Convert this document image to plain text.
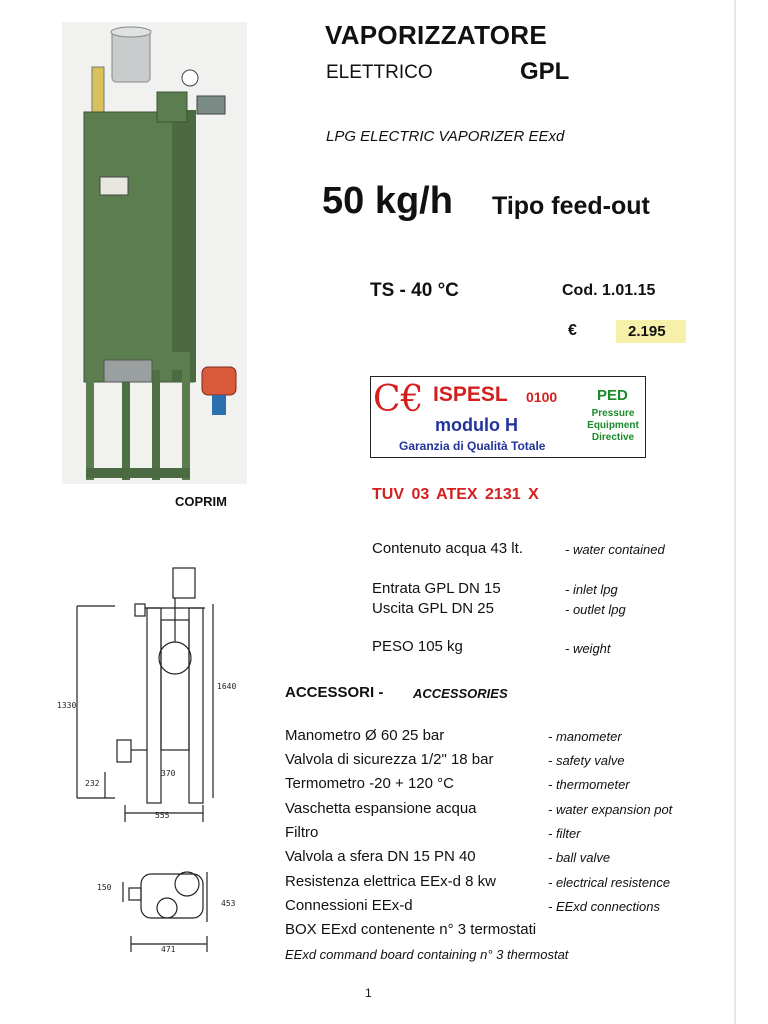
COPRIM
VAPORIZZATORE
ELETTRICO	GPL
LPG ELECTRIC VAPORIZER EExd
50 kg/h Tipo feed-out
TS - 40 °C	Cod. 1.01.15
€	2.195
C€ ISPESL 0100	PED
modulo H
Pressure Equipment Directive
Garanzia di Qualità Totale
TUV 03 ATEX 2131 X
Contenuto acqua 43 lt.	- water contained
Entrata GPL DN 15	- inlet lpg
Uscita GPL DN 25	- outlet lpg
PESO 105 kg	- weight
ACCESSORI - ACCESSORIES
Manometro Ø 60 25 bar	- manometer
Valvola di sicurezza 1/2" 18 bar	- safety valve
Termometro -20 + 120 °C	- thermometer
Vaschetta espansione acqua	- water expansion pot
Filtro	- filter
Valvola a sfera DN 15 PN 40	- ball valve
Resistenza elettrica EEx-d 8 kw	- electrical resistence
Connessioni EEx-d	- EExd connections
BOX EExd contenente n° 3 termostati
EExd command board containing n° 3 thermostat
1330
1640
232
370
555
150
453
471
1
